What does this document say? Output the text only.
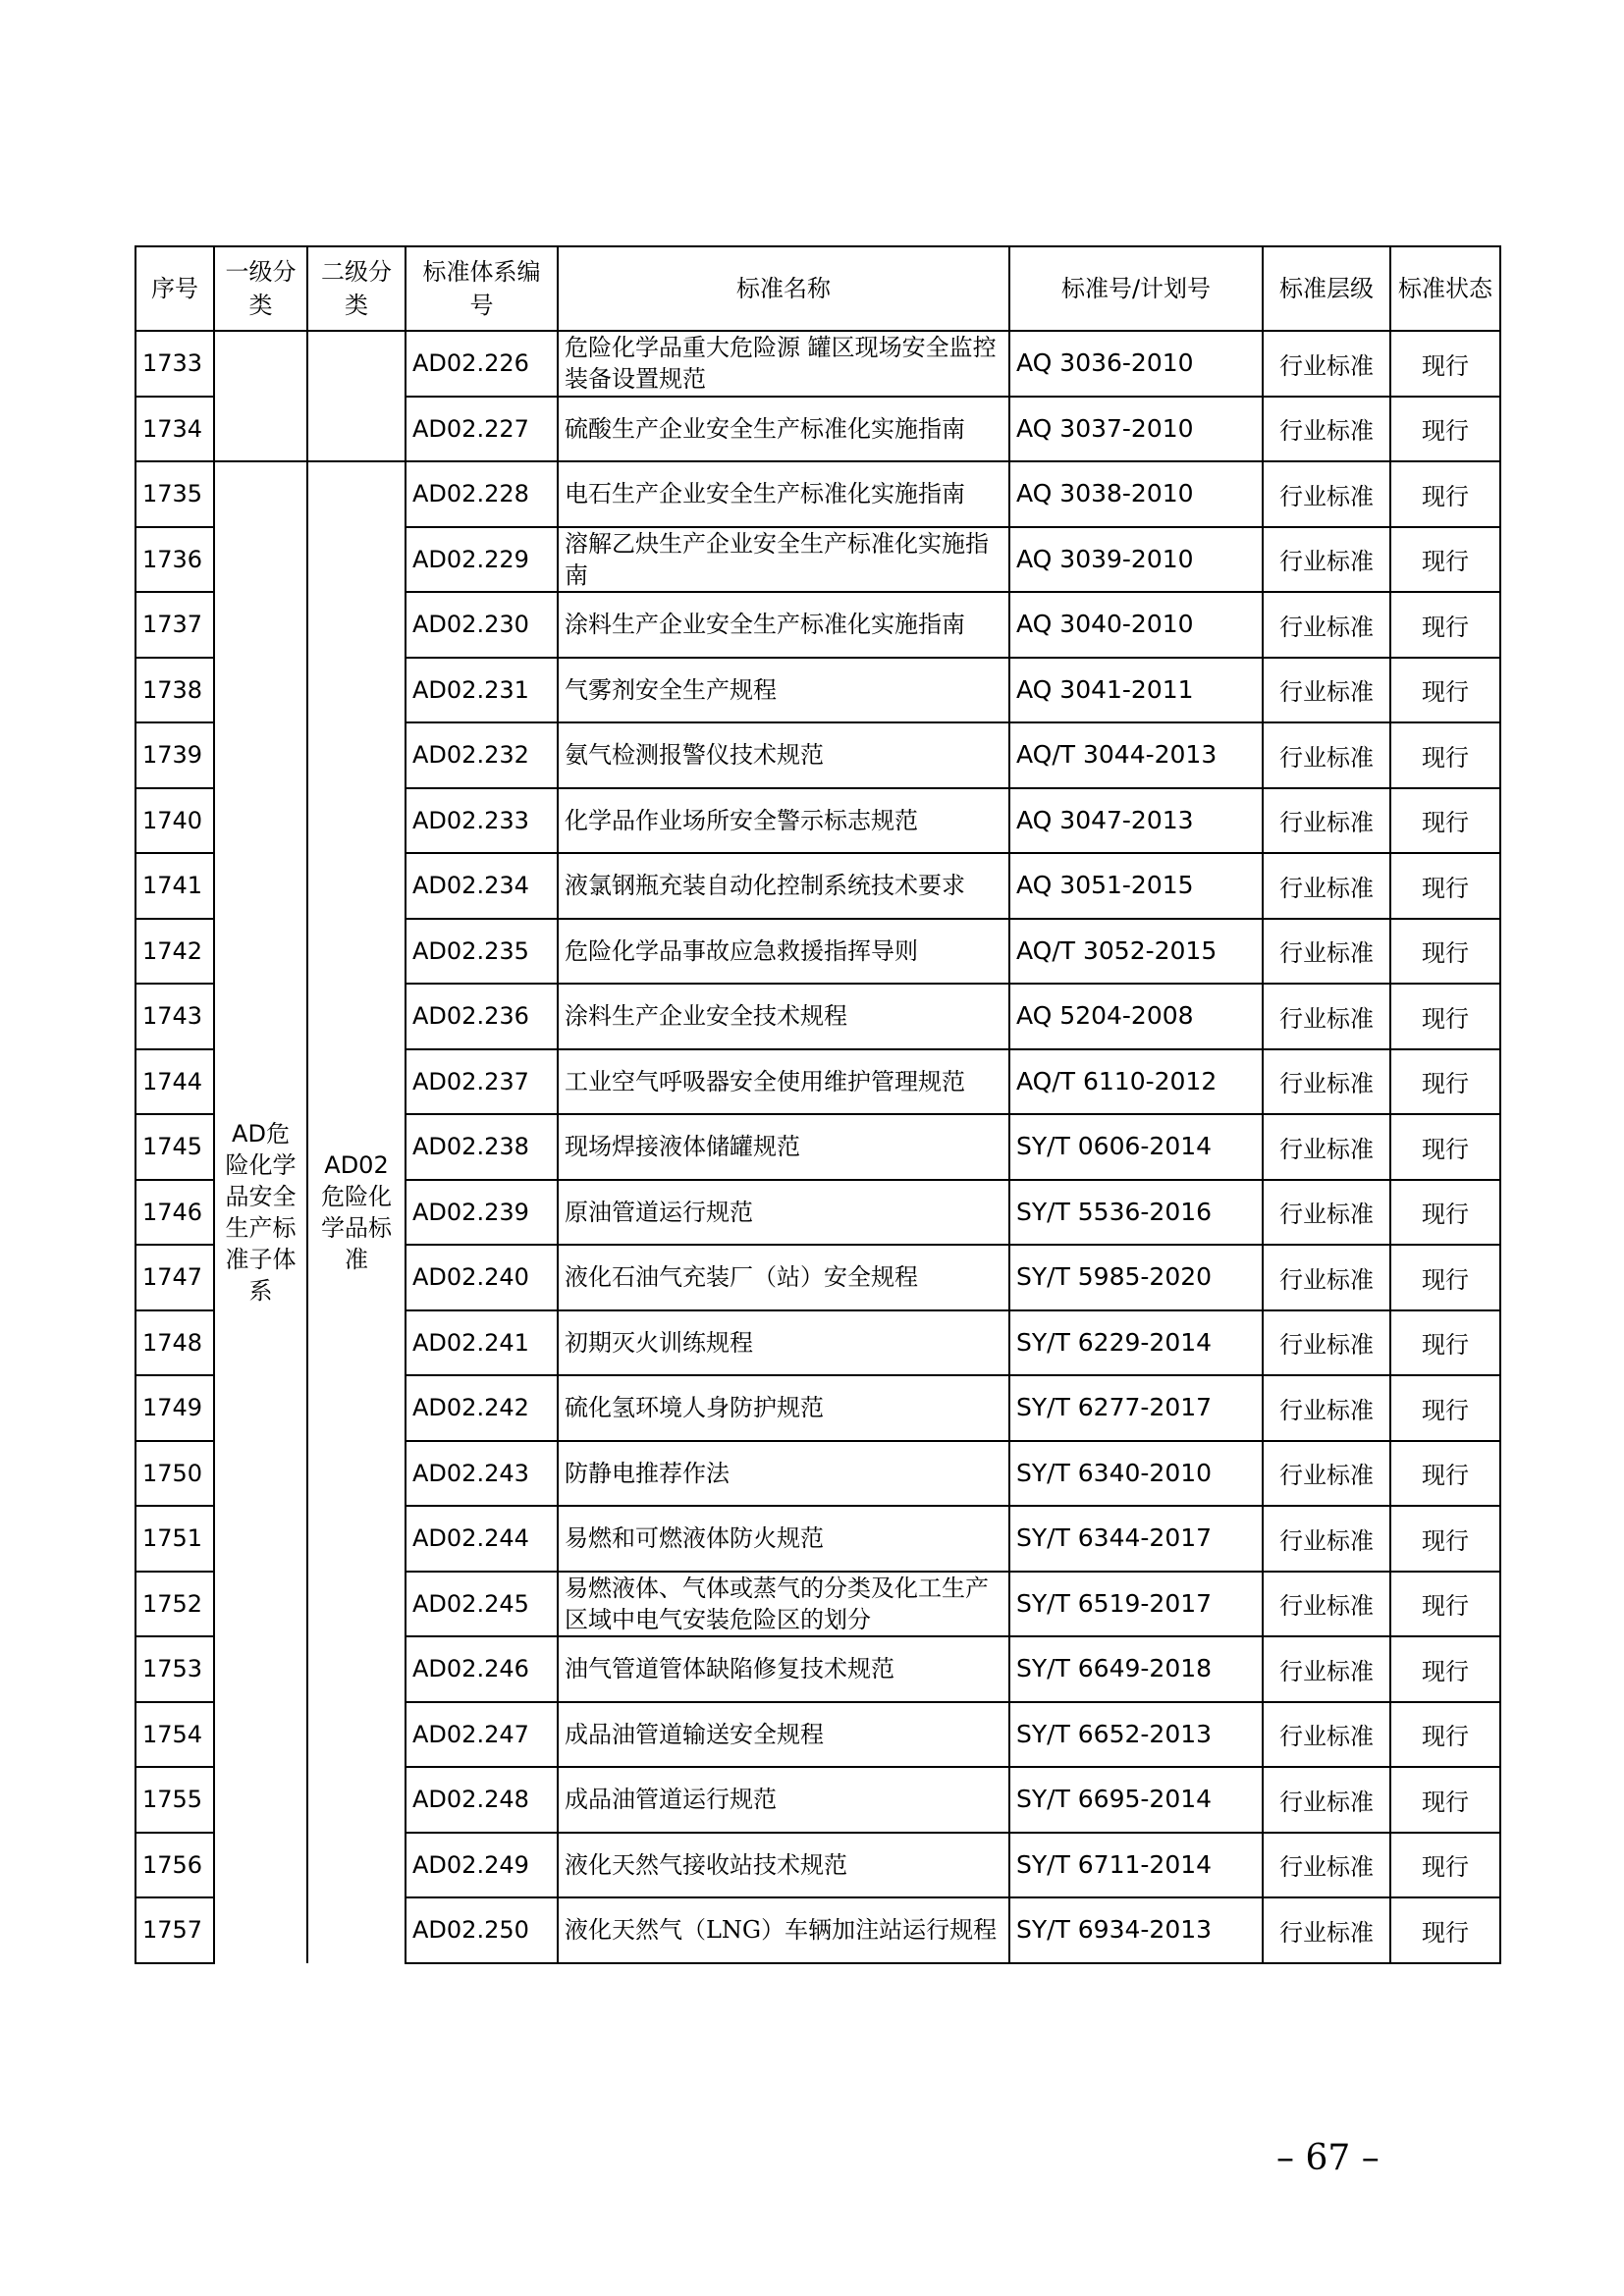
序号	一级分类	二级分类	标准体系编号	标准名称	标准号/计划号	标准层级	标准状态
1733			AD02.226	危险化学品重大危险源 罐区现场安全监控装备设置规范	AQ 3036-2010	行业标准	现行
1734			AD02.227	硫酸生产企业安全生产标准化实施指南	AQ 3037-2010	行业标准	现行
1735	AD危险化学品安全生产标准子体系	AD02危险化学品标准	AD02.228	电石生产企业安全生产标准化实施指南	AQ 3038-2010	行业标准	现行
1736			AD02.229	溶解乙炔生产企业安全生产标准化实施指南	AQ 3039-2010	行业标准	现行
1737			AD02.230	涂料生产企业安全生产标准化实施指南	AQ 3040-2010	行业标准	现行
1738			AD02.231	气雾剂安全生产规程	AQ 3041-2011	行业标准	现行
1739			AD02.232	氨气检测报警仪技术规范	AQ/T 3044-2013	行业标准	现行
1740			AD02.233	化学品作业场所安全警示标志规范	AQ 3047-2013	行业标准	现行
1741			AD02.234	液氯钢瓶充装自动化控制系统技术要求	AQ 3051-2015	行业标准	现行
1742			AD02.235	危险化学品事故应急救援指挥导则	AQ/T 3052-2015	行业标准	现行
1743			AD02.236	涂料生产企业安全技术规程	AQ 5204-2008	行业标准	现行
1744			AD02.237	工业空气呼吸器安全使用维护管理规范	AQ/T 6110-2012	行业标准	现行
1745			AD02.238	现场焊接液体储罐规范	SY/T 0606-2014	行业标准	现行
1746			AD02.239	原油管道运行规范	SY/T 5536-2016	行业标准	现行
1747			AD02.240	液化石油气充装厂（站）安全规程	SY/T 5985-2020	行业标准	现行
1748			AD02.241	初期灭火训练规程	SY/T 6229-2014	行业标准	现行
1749			AD02.242	硫化氢环境人身防护规范	SY/T 6277-2017	行业标准	现行
1750			AD02.243	防静电推荐作法	SY/T 6340-2010	行业标准	现行
1751			AD02.244	易燃和可燃液体防火规范	SY/T 6344-2017	行业标准	现行
1752			AD02.245	易燃液体、气体或蒸气的分类及化工生产区域中电气安装危险区的划分	SY/T 6519-2017	行业标准	现行
1753			AD02.246	油气管道管体缺陷修复技术规范	SY/T 6649-2018	行业标准	现行
1754			AD02.247	成品油管道输送安全规程	SY/T 6652-2013	行业标准	现行
1755			AD02.248	成品油管道运行规范	SY/T 6695-2014	行业标准	现行
1756			AD02.249	液化天然气接收站技术规范	SY/T 6711-2014	行业标准	现行
1757			AD02.250	液化天然气（LNG）车辆加注站运行规程	SY/T 6934-2013	行业标准	现行
– 67 –
